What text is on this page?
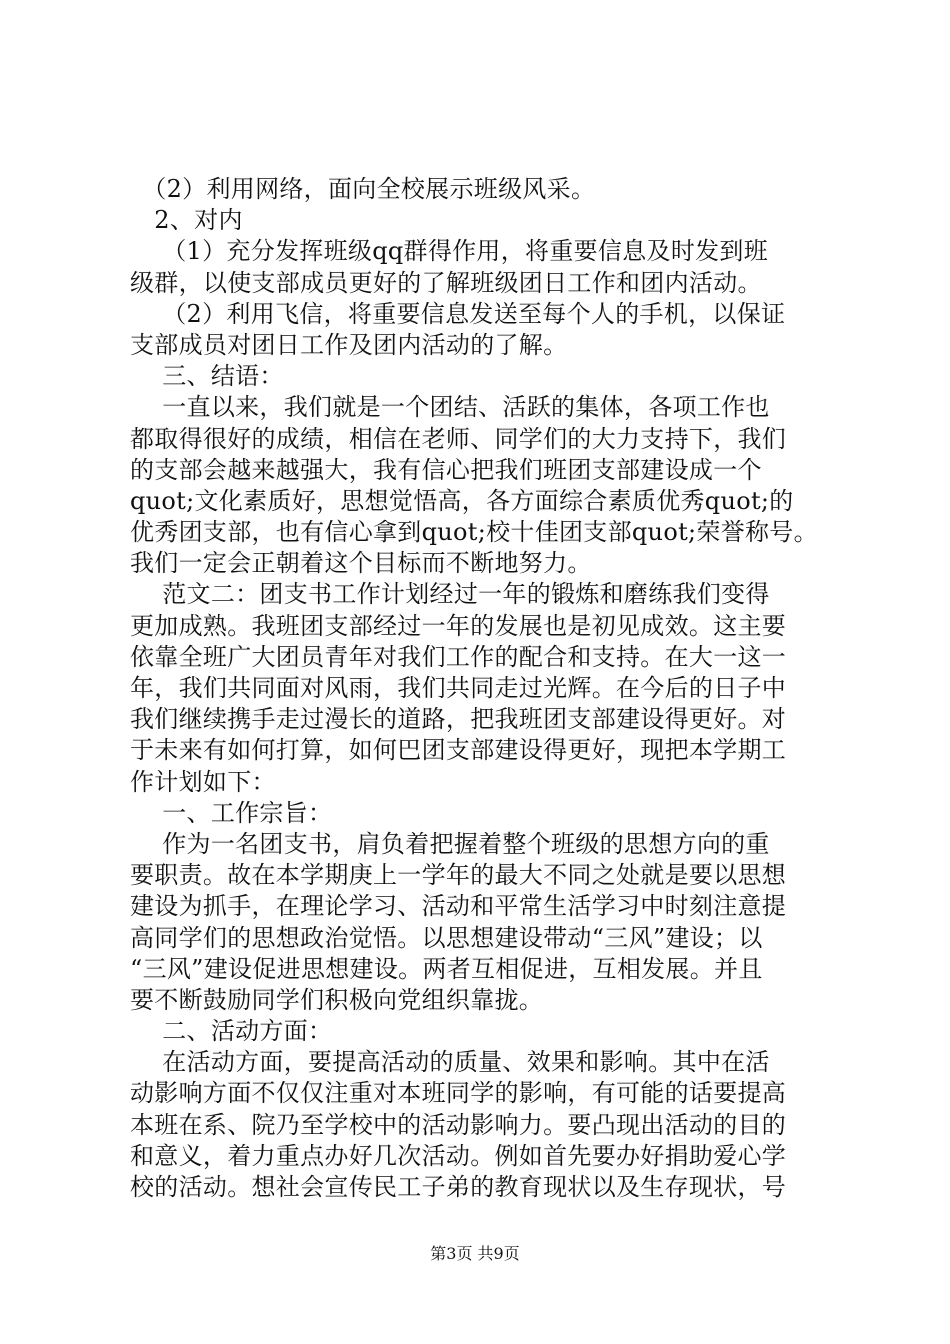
　（2）利用网络，面向全校展示班级风采。
　2、对内
　 （1）充分发挥班级qq群得作用，将重要信息及时发到班
级群，以使支部成员更好的了解班级团日工作和团内活动。
　 （2）利用飞信，将重要信息发送至每个人的手机，以保证
支部成员对团日工作及团内活动的了解。
　 三、结语：
　 一直以来，我们就是一个团结、活跃的集体，各项工作也
都取得很好的成绩，相信在老师、同学们的大力支持下，我们
的支部会越来越强大，我有信心把我们班团支部建设成一个
quot;文化素质好，思想觉悟高，各方面综合素质优秀quot;的
优秀团支部，也有信心拿到quot;校十佳团支部quot;荣誉称号。
我们一定会正朝着这个目标而不断地努力。
　 范文二：团支书工作计划经过一年的锻炼和磨练我们变得
更加成熟。我班团支部经过一年的发展也是初见成效。这主要
依靠全班广大团员青年对我们工作的配合和支持。在大一这一
年，我们共同面对风雨，我们共同走过光辉。在今后的日子中
我们继续携手走过漫长的道路，把我班团支部建设得更好。对
于未来有如何打算，如何巴团支部建设得更好，现把本学期工
作计划如下：
　 一、工作宗旨：
　 作为一名团支书，肩负着把握着整个班级的思想方向的重
要职责。故在本学期庚上一学年的最大不同之处就是要以思想
建设为抓手，在理论学习、活动和平常生活学习中时刻注意提
高同学们的思想政治觉悟。以思想建设带动“三风”建设；以
“三风”建设促进思想建设。两者互相促进，互相发展。并且
要不断鼓励同学们积极向党组织靠拢。
　 二、活动方面：
　 在活动方面，要提高活动的质量、效果和影响。其中在活
动影响方面不仅仅注重对本班同学的影响，有可能的话要提高
本班在系、院乃至学校中的活动影响力。要凸现出活动的目的
和意义，着力重点办好几次活动。例如首先要办好捐助爱心学
校的活动。想社会宣传民工子弟的教育现状以及生存现状，号
第3页 共9页
